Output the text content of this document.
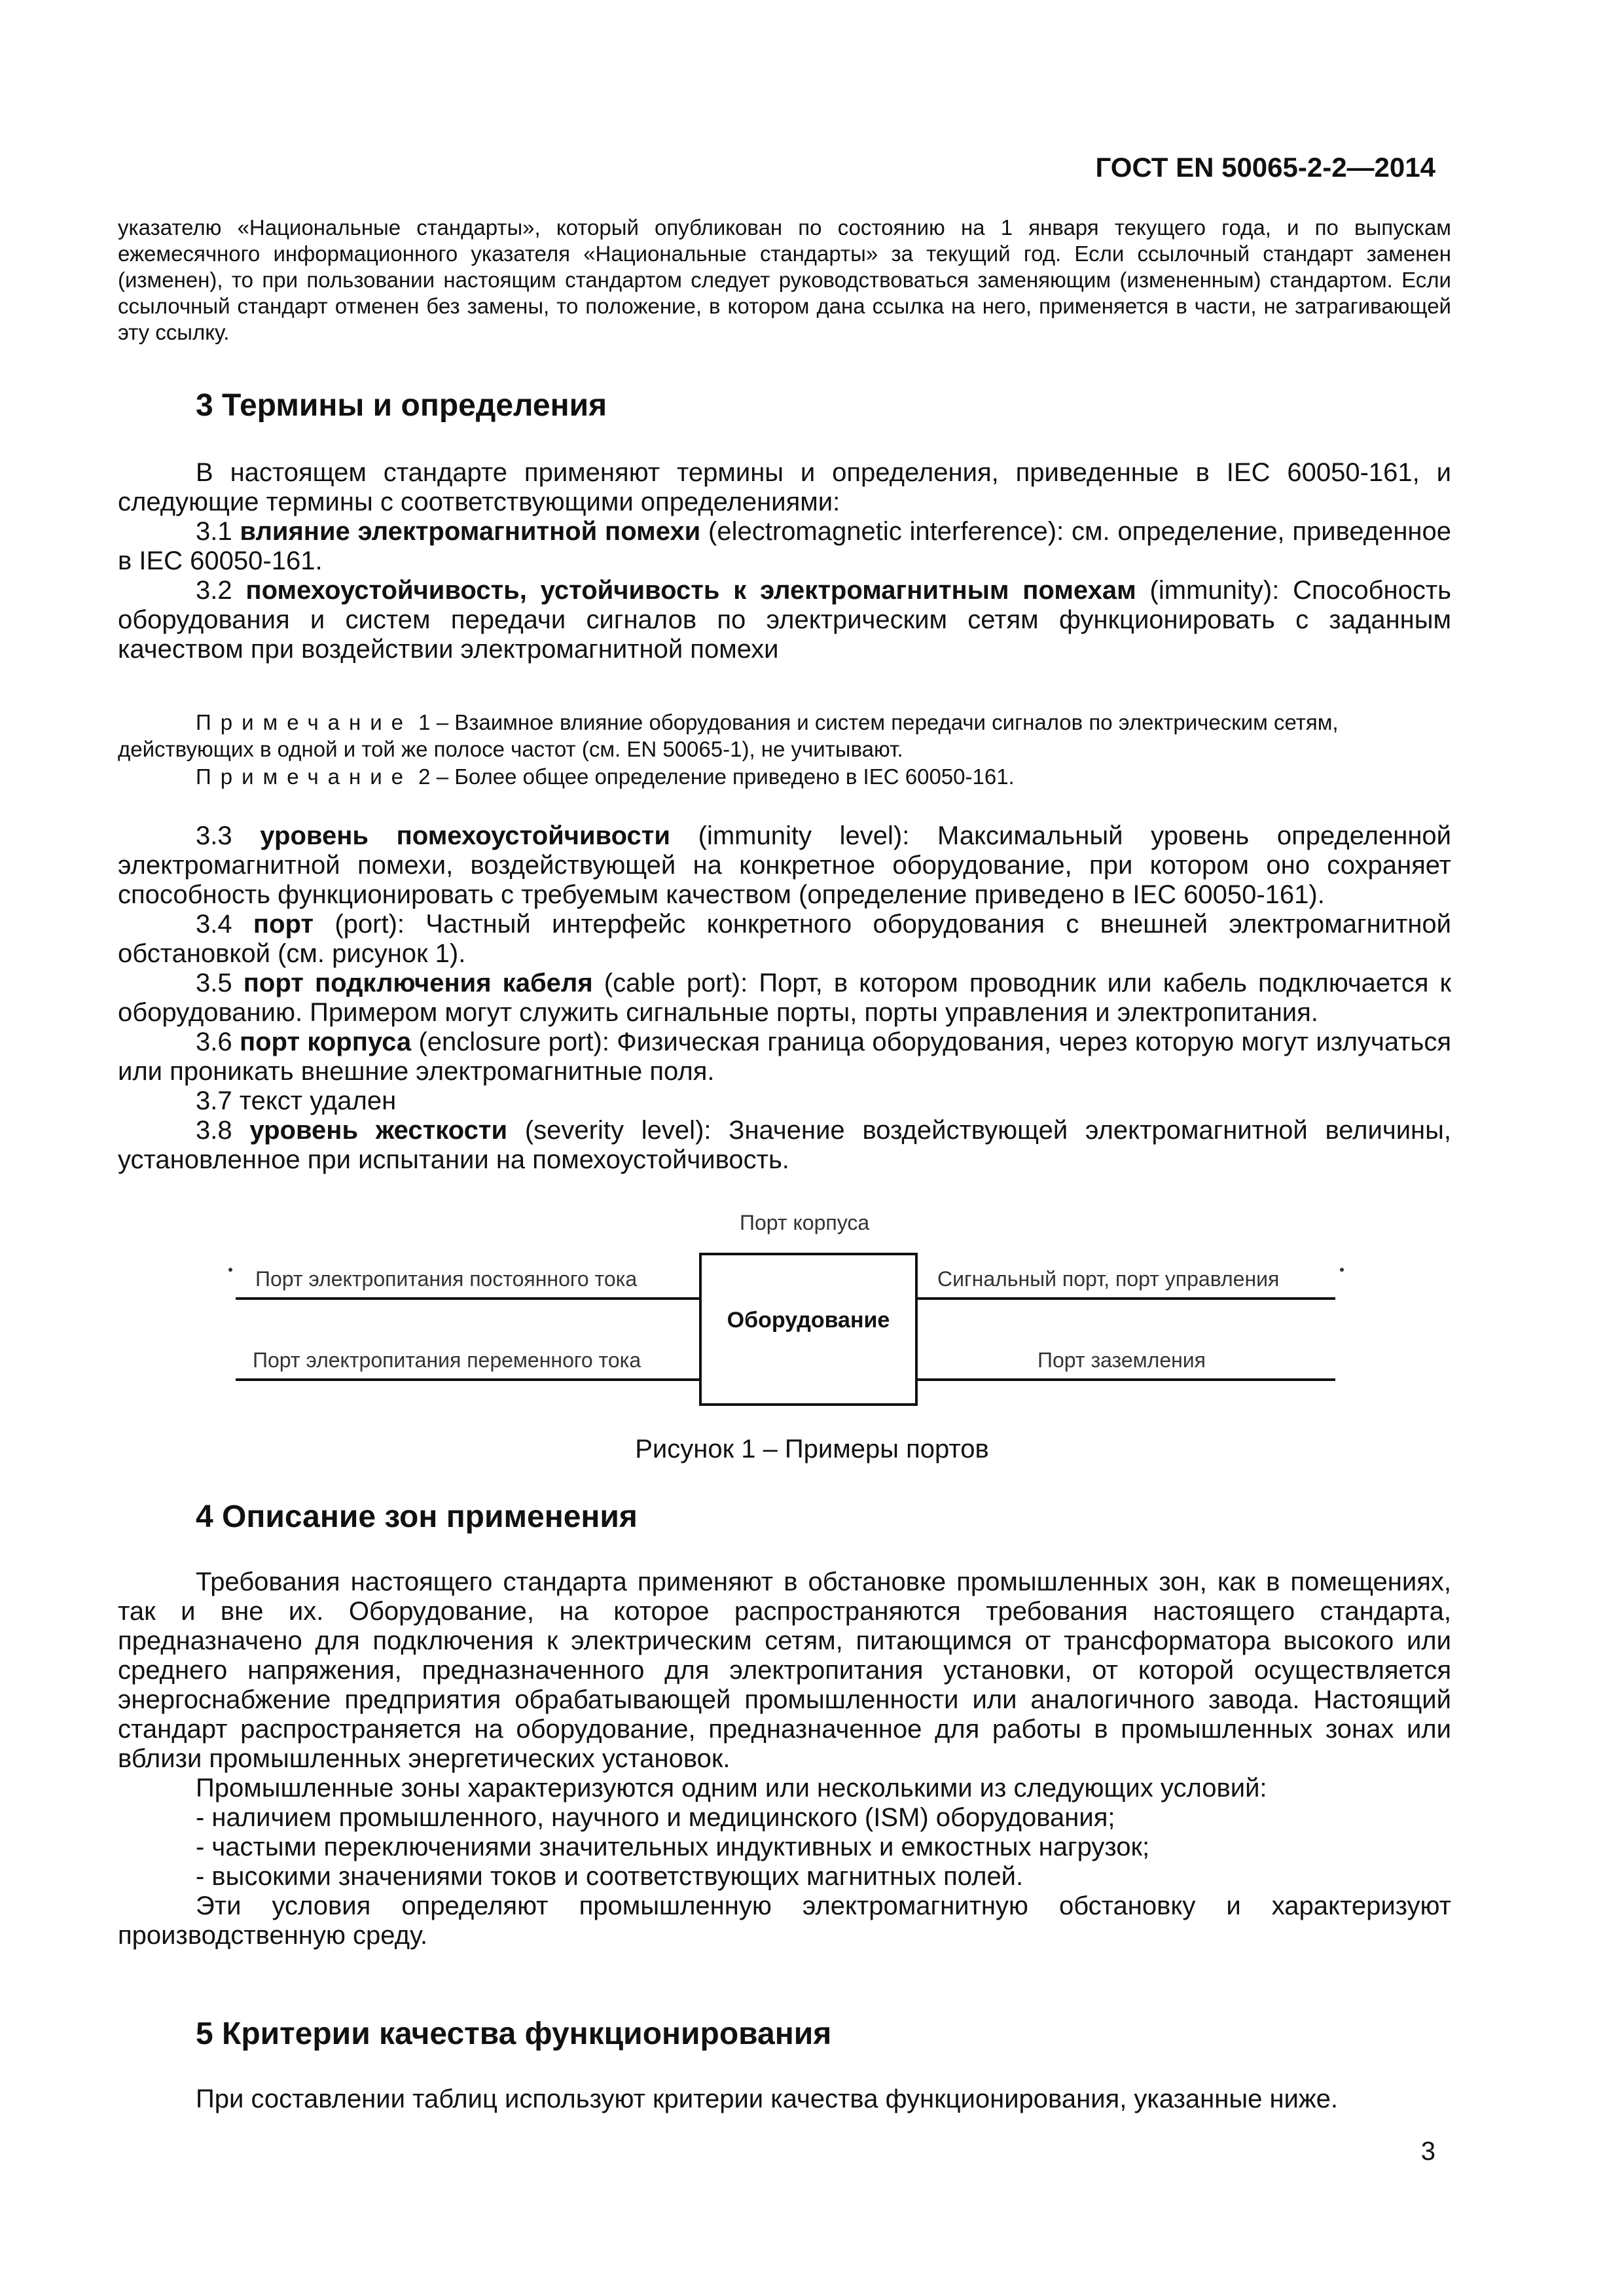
ГОСТ EN 50065-2-2—2014
указателю «Национальные стандарты», который опубликован по состоянию на 1 января текущего года, и по выпускам ежемесячного информационного указателя «Национальные стандарты» за текущий год. Если ссылочный стандарт заменен (изменен), то при пользовании настоящим стандартом следует руководствоваться заменяющим (измененным) стандартом. Если ссылочный стандарт отменен без замены, то положение, в котором дана ссылка на него, применяется в части, не затрагивающей эту ссылку.
3 Термины и определения
В настоящем стандарте применяют термины и определения, приведенные в IEC 60050-161, и следующие термины с соответствующими определениями:
3.1 влияние электромагнитной помехи (electromagnetic interference): см. определение, приведенное в IEC 60050-161.
3.2 помехоустойчивость, устойчивость к электромагнитным помехам (immunity): Способность оборудования и систем передачи сигналов по электрическим сетям функционировать с заданным качеством при воздействии электромагнитной помехи
Примечание 1 – Взаимное влияние оборудования и систем передачи сигналов по электрическим сетям, действующих в одной и той же полосе частот (см. EN 50065-1), не учитывают.
Примечание 2 – Более общее определение приведено в IEC 60050-161.
3.3 уровень помехоустойчивости (immunity level): Максимальный уровень определенной электромагнитной помехи, воздействующей на конкретное оборудование, при котором оно сохраняет способность функционировать с требуемым качеством (определение приведено в IEC 60050-161).
3.4 порт (port): Частный интерфейс конкретного оборудования с внешней электромагнитной обстановкой (см. рисунок 1).
3.5 порт подключения кабеля (cable port): Порт, в котором проводник или кабель подключается к оборудованию. Примером могут служить сигнальные порты, порты управления и электропитания.
3.6 порт корпуса (enclosure port): Физическая граница оборудования, через которую могут излучаться или проникать внешние электромагнитные поля.
3.7 текст удален
3.8 уровень жесткости (severity level): Значение воздействующей электромагнитной величины, установленное при испытании на помехоустойчивость.
Порт корпуса
Порт электропитания постоянного тока
Порт электропитания переменного тока
Сигнальный порт, порт управления
Порт заземления
Оборудование
Рисунок 1 – Примеры портов
4 Описание зон применения
Требования настоящего стандарта применяют в обстановке промышленных зон, как в помещениях, так и вне их. Оборудование, на которое распространяются требования настоящего стандарта, предназначено для подключения к электрическим сетям, питающимся от трансформатора высокого или среднего напряжения, предназначенного для электропитания установки, от которой осуществляется энергоснабжение предприятия обрабатывающей промышленности или аналогичного завода. Настоящий стандарт распространяется на оборудование, предназначенное для работы в промышленных зонах или вблизи промышленных энергетических установок.
Промышленные зоны характеризуются одним или несколькими из следующих условий:
- наличием промышленного, научного и медицинского (ISM) оборудования;
- частыми переключениями значительных индуктивных и емкостных нагрузок;
- высокими значениями токов и соответствующих магнитных полей.
Эти условия определяют промышленную электромагнитную обстановку и характеризуют производственную среду.
5 Критерии качества функционирования
При составлении таблиц используют критерии качества функционирования, указанные ниже.
3
